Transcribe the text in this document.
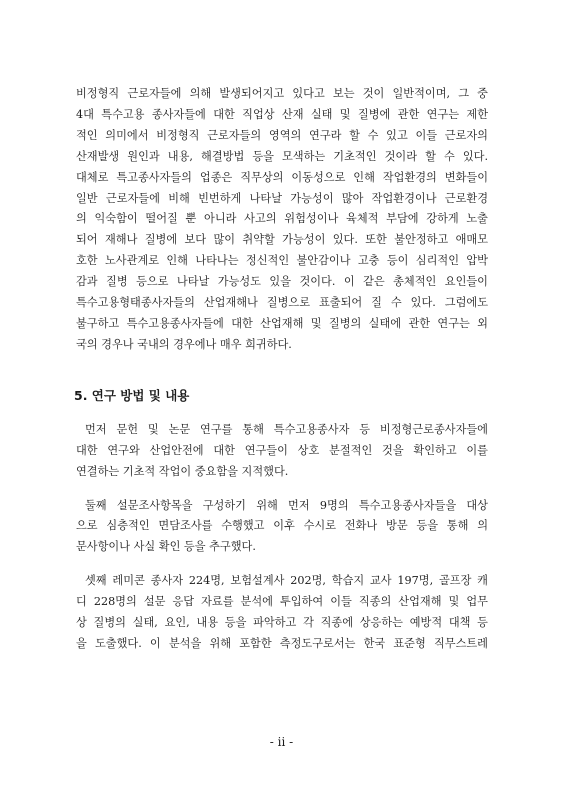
비정형직 근로자들에 의해 발생되어지고 있다고 보는 것이 일반적이며, 그 중
4대 특수고용 종사자들에 대한 직업상 산재 실태 및 질병에 관한 연구는 제한
적인 의미에서 비정형직 근로자들의 영역의 연구라 할 수 있고 이들 근로자의
산재발생 원인과 내용, 해결방법 등을 모색하는 기초적인 것이라 할 수 있다.
대체로 특고종사자들의 업종은 직무상의 이동성으로 인해 작업환경의 변화들이
일반 근로자들에 비해 빈번하게 나타날 가능성이 많아 작업환경이나 근로환경
의 익숙함이 떨어질 뿐 아니라 사고의 위험성이나 육체적 부담에 강하게 노출
되어 재해나 질병에 보다 많이 취약할 가능성이 있다. 또한 불안정하고 애매모
호한 노사관계로 인해 나타나는 정신적인 불안감이나 고충 등이 심리적인 압박
감과 질병 등으로 나타날 가능성도 있을 것이다. 이 같은 총체적인 요인들이
특수고용형태종사자들의 산업재해나 질병으로 표출되어 질 수 있다. 그럼에도
불구하고 특수고용종사자들에 대한 산업재해 및 질병의 실태에 관한 연구는 외
국의 경우나 국내의 경우에나 매우 희귀하다.
5. 연구 방법 및 내용
먼저 문헌 및 논문 연구를 통해 특수고용종사자 등 비정형근로종사자들에
대한 연구와 산업안전에 대한 연구들이 상호 분절적인 것을 확인하고 이를
연결하는 기초적 작업이 중요함을 지적했다.
둘째 설문조사항목을 구성하기 위해 먼저 9명의 특수고용종사자들을 대상
으로 심층적인 면담조사를 수행했고 이후 수시로 전화나 방문 등을 통해 의
문사항이나 사실 확인 등을 추구했다.
셋째 레미콘 종사자 224명, 보험설계사 202명, 학습지 교사 197명, 골프장 캐
디 228명의 설문 응답 자료를 분석에 투입하여 이들 직종의 산업재해 및 업무
상 질병의 실태, 요인, 내용 등을 파악하고 각 직종에 상응하는 예방적 대책 등
을 도출했다. 이 분석을 위해 포함한 측정도구로서는 한국 표준형 직무스트레
- ii -
